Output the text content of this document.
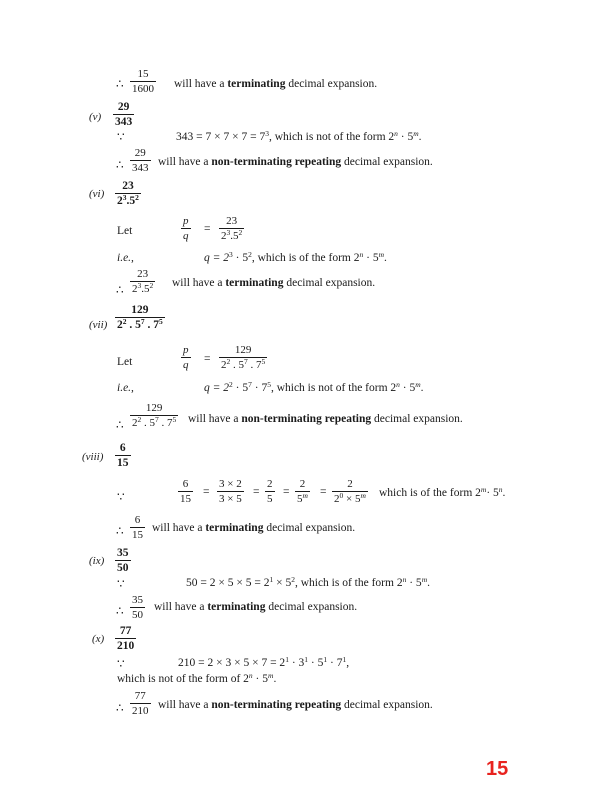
∴ $\frac{15}{1600}$ will have a terminating decimal expansion.
$(v) \frac{29}{343}$
∵	$343 = 7 \times 7 \times 7 = 7^3$, which is not of the form $2^n \cdot 5^m$.
∴ $\frac{29}{343}$ will have a non-terminating repeating decimal expansion.
$(vi) \frac{23}{2^3.5^2}$
Let	$\frac{p}{q} = \frac{23}{2^3.5^2}$
i.e.,	$q = 2^3 \cdot 5^2$, which is of the form $2^n \cdot 5^m$.
∴ $\frac{23}{2^3.5^2}$ will have a terminating decimal expansion.
$(vii) \frac{129}{2^2 . 5^7 . 7^5}$
Let	$\frac{p}{q} = \frac{129}{2^2 . 5^7 . 7^5}$
i.e.,	$q = 2^2 \cdot 5^7 \cdot 7^5$, which is not of the form $2^n \cdot 5^m$.
∴ $\frac{129}{2^2 . 5^7 . 7^5}$ will have a non-terminating repeating decimal expansion.
(viii) $\frac{6}{15}$
∵	$\frac{6}{15} = \frac{3 \times 2}{3 \times 5} = \frac{2}{5} = \frac{2}{5^m} = \frac{2}{2^0 \times 5^m}$ which is of the form $2^m\cdot 5^n$.
∴ $\frac{6}{15}$ will have a terminating decimal expansion.
$(ix) \frac{35}{50}$
∵	$50 = 2 \times 5 \times 5 = 2^1 \times 5^2$, which is of the form $2^n \cdot 5^m$.
∴ $\frac{35}{50}$ will have a terminating decimal expansion.
$(x) \frac{77}{210}$
∵	$210 = 2 \times 3 \times 5 \times 7 = 2^1 \cdot 3^1 \cdot 5^1 \cdot 7^1$,
which is not of the form of $2^n \cdot 5^m$.
∴ $\frac{77}{210}$ will have a non-terminating repeating decimal expansion.
15
